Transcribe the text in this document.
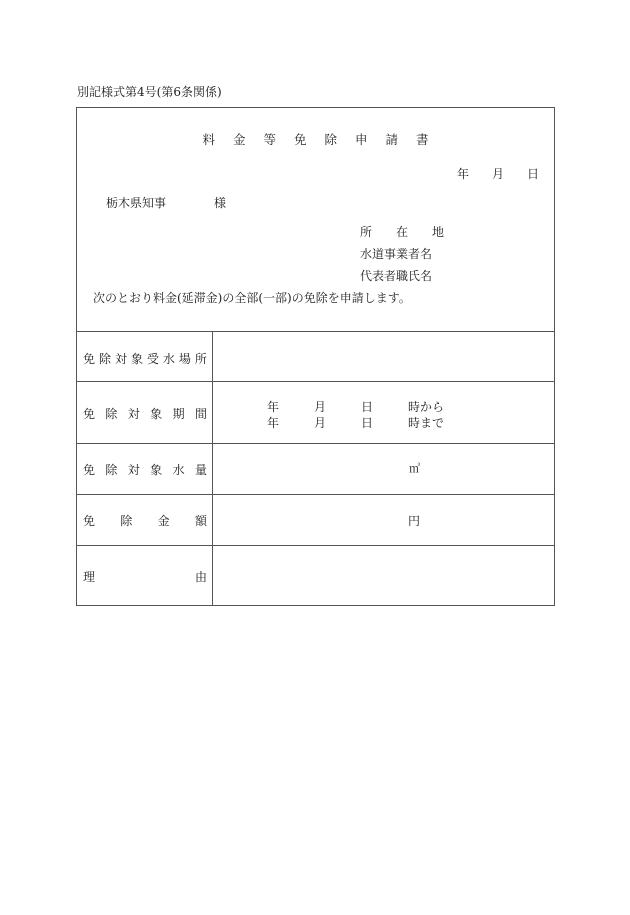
別記様式第4号(第6条関係)
料 金 等 免 除 申 請 書
年 月 日
栃木県知事	様
所　　在　　地
水道事業者名
代表者職氏名
次のとおり料金(延滞金)の全部(一部)の免除を申請します。
免 除 対 象 受 水 場 所
免 除 対 象 期 間	年	月	日	時から
年	月	日	時まで
免 除 対 象 水 量	㎥
免 除 金 額	円
理	由
